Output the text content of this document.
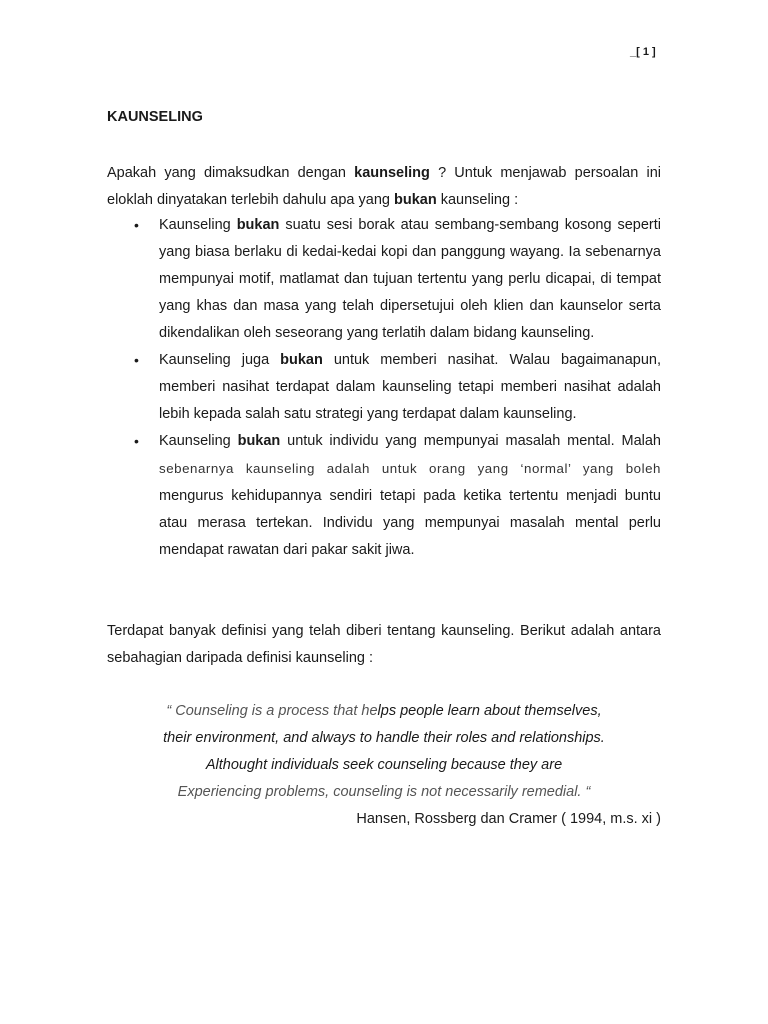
_[ 1 ]
KAUNSELING

Apakah yang dimaksudkan dengan kaunseling ? Untuk menjawab persoalan ini eloklah dinyatakan terlebih dahulu apa yang bukan kaunseling :

• Kaunseling bukan suatu sesi borak atau sembang-sembang kosong seperti yang biasa berlaku di kedai-kedai kopi dan panggung wayang. Ia sebenarnya mempunyai motif, matlamat dan tujuan tertentu yang perlu dicapai, di tempat yang khas dan masa yang telah dipersetujui oleh klien dan kaunselor serta dikendalikan oleh seseorang yang terlatih dalam bidang kaunseling.
• Kaunseling juga bukan untuk memberi nasihat. Walau bagaimanapun, memberi nasihat terdapat dalam kaunseling tetapi memberi nasihat adalah lebih kepada salah satu strategi yang terdapat dalam kaunseling.
• Kaunseling bukan untuk individu yang mempunyai masalah mental. Malah sebenarnya kaunseling adalah untuk orang yang ‘normal’ yang boleh mengurus kehidupannya sendiri tetapi pada ketika tertentu menjadi buntu atau merasa tertekan. Individu yang mempunyai masalah mental perlu mendapat rawatan dari pakar sakit jiwa.

Terdapat banyak definisi yang telah diberi tentang kaunseling. Berikut adalah antara sebahagian daripada definisi kaunseling :

“ Counseling is a process that helps people learn about themselves,
their environment, and always to handle their roles and relationships.
Althought individuals seek counseling because they are
Experiencing problems, counseling is not necessarily remedial. “
Hansen, Rossberg dan Cramer ( 1994, m.s. xi )
